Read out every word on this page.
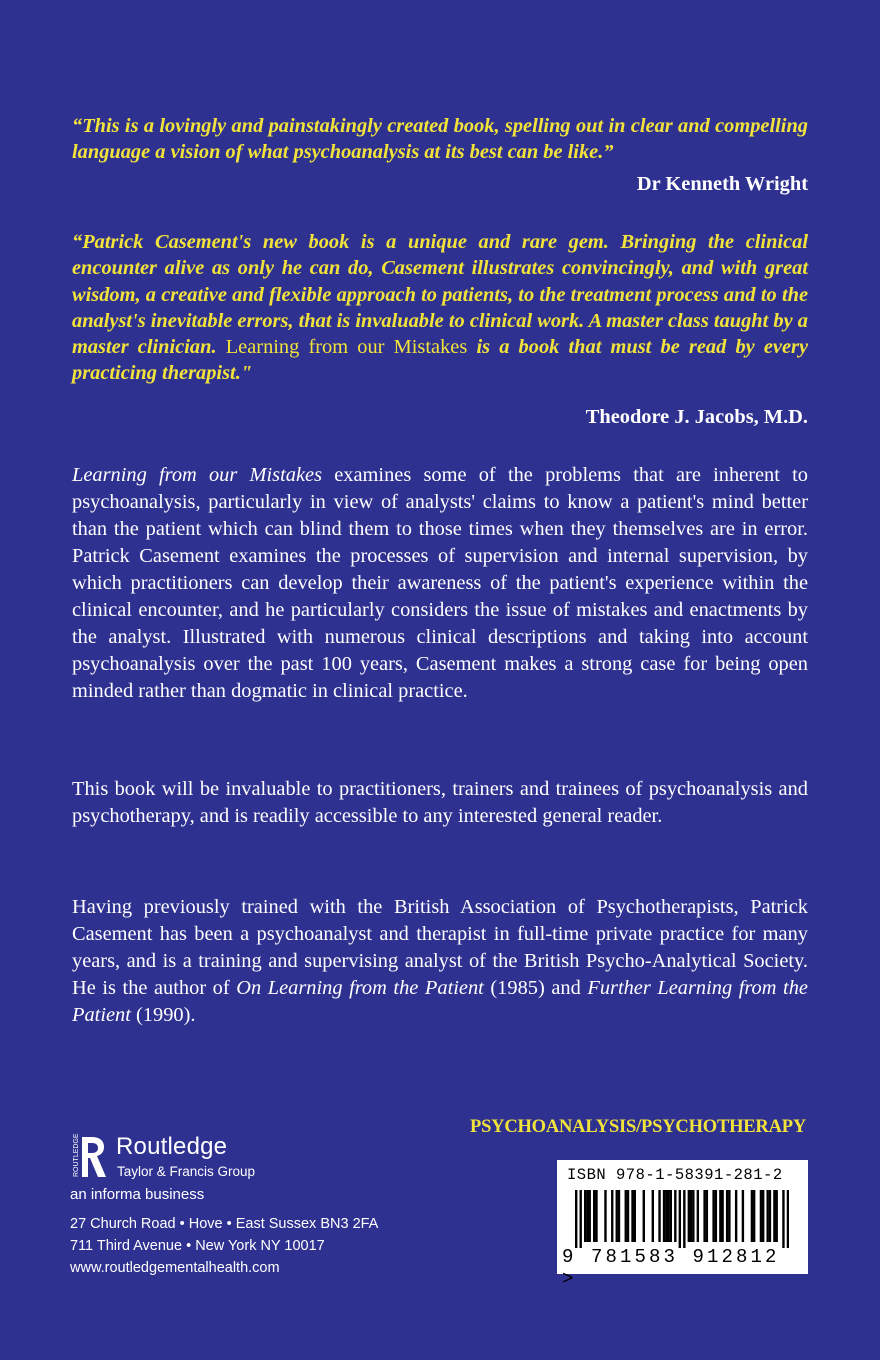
“This is a lovingly and painstakingly created book, spelling out in clear and compelling language a vision of what psychoanalysis at its best can be like.”
Dr Kenneth Wright
“Patrick Casement's new book is a unique and rare gem. Bringing the clinical encounter alive as only he can do, Casement illustrates convincingly, and with great wisdom, a creative and flexible approach to patients, to the treatment process and to the analyst's inevitable errors, that is invaluable to clinical work. A master class taught by a master clinician. Learning from our Mistakes is a book that must be read by every practicing therapist."
Theodore J. Jacobs, M.D.
Learning from our Mistakes examines some of the problems that are inherent to psychoanalysis, particularly in view of analysts' claims to know a patient's mind better than the patient which can blind them to those times when they themselves are in error. Patrick Casement examines the processes of supervision and internal supervision, by which practitioners can develop their awareness of the patient's experience within the clinical encounter, and he particularly considers the issue of mistakes and enactments by the analyst. Illustrated with numerous clinical descriptions and taking into account psychoanalysis over the past 100 years, Casement makes a strong case for being open minded rather than dogmatic in clinical practice.
This book will be invaluable to practitioners, trainers and trainees of psychoanalysis and psychotherapy, and is readily accessible to any interested general reader.
Having previously trained with the British Association of Psychotherapists, Patrick Casement has been a psychoanalyst and therapist in full-time private practice for many years, and is a training and supervising analyst of the British Psycho-Analytical Society. He is the author of On Learning from the Patient (1985) and Further Learning from the Patient (1990).
PSYCHOANALYSIS/PSYCHOTHERAPY
ROUTLEDGE Routledge
Taylor & Francis Group
an informa business
27 Church Road • Hove • East Sussex BN3 2FA
711 Third Avenue • New York NY 10017
www.routledgementalhealth.com
ISBN 978-1-58391-281-2
9 781583 912812 >
